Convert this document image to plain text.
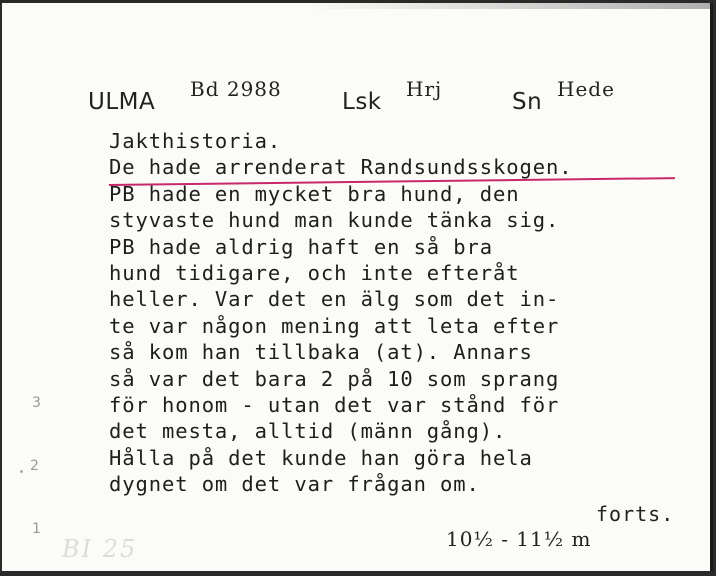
ULMA Bd 2988	Lsk Hrj	Sn Hede
Jakthistoria.
De hade arrenderat Randsundsskogen.
PB hade en mycket bra hund, den
styvaste hund man kunde tänka sig.
PB hade aldrig haft en så bra
hund tidigare, och inte efteråt
heller. Var det en älg som det in-
te var någon mening att leta efter
så kom han tillbaka (at). Annars
så var det bara 2 på 10 som sprang
för honom - utan det var stånd för
det mesta, alltid (männ gång).
Hålla på det kunde han göra hela
dygnet om det var frågan om.
forts.
10½ - 11½ m
3
2
1
BI 25
